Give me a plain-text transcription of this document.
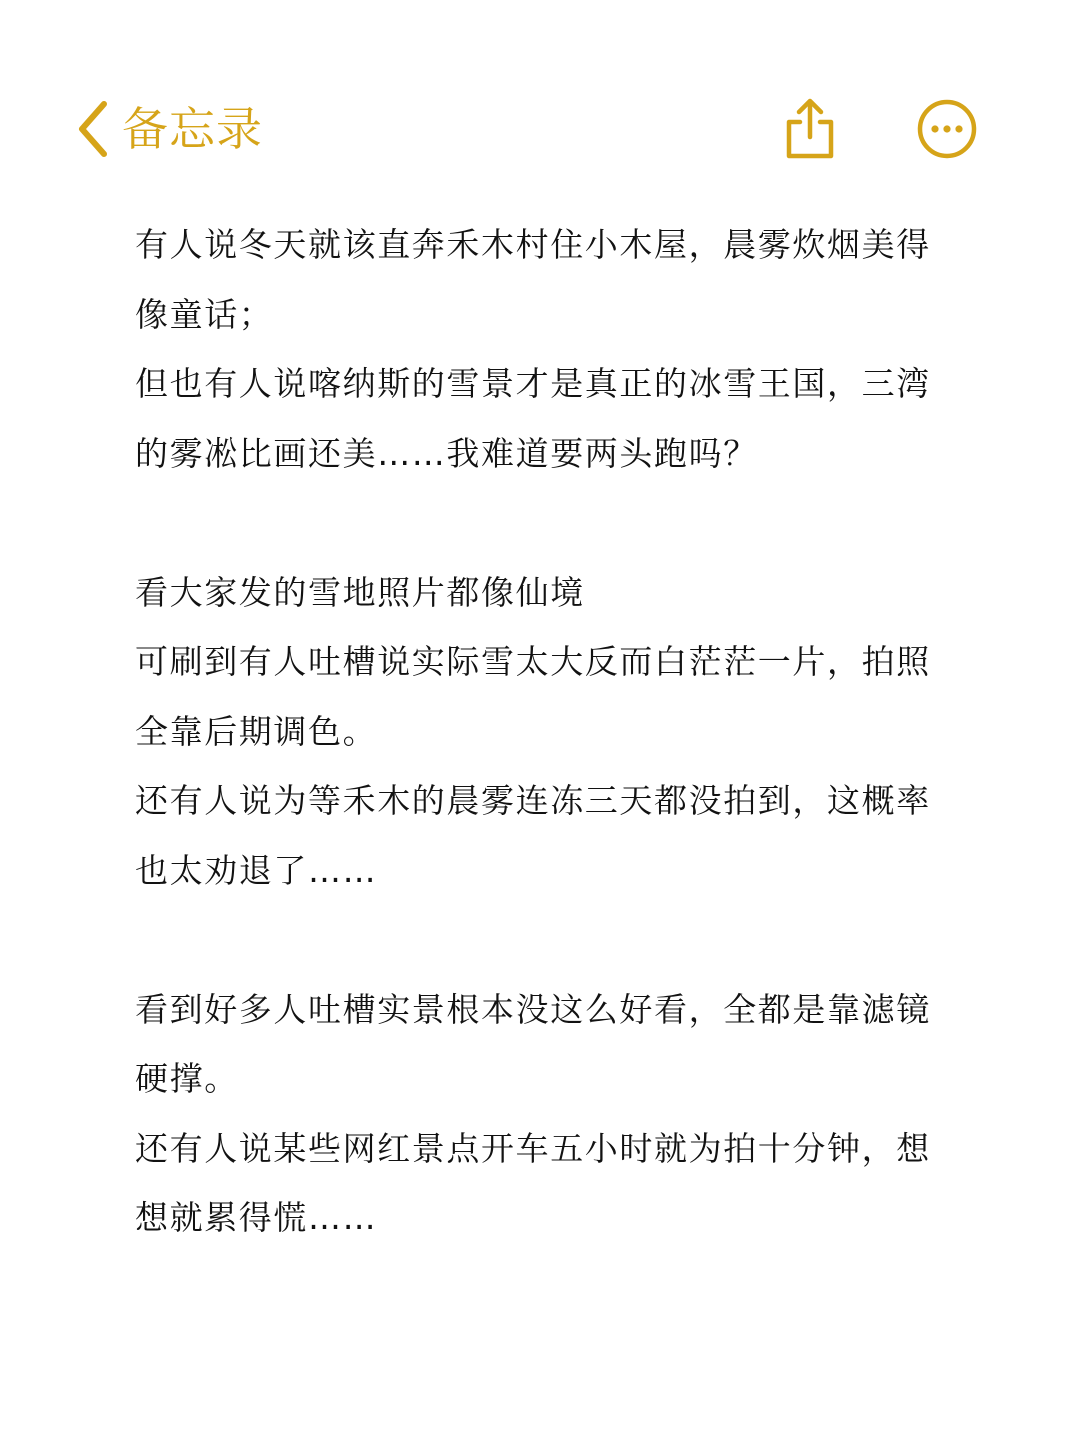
备忘录

有人说冬天就该直奔禾木村住小木屋，晨雾炊烟美得像童话；

但也有人说喀纳斯的雪景才是真正的冰雪王国，三湾的雾凇比画还美……我难道要两头跑吗？

看大家发的雪地照片都像仙境

可刷到有人吐槽说实际雪太大反而白茫茫一片，拍照全靠后期调色。

还有人说为等禾木的晨雾连冻三天都没拍到，这概率也太劝退了……

看到好多人吐槽实景根本没这么好看，全都是靠滤镜硬撑。

还有人说某些网红景点开车五小时就为拍十分钟，想想就累得慌……
